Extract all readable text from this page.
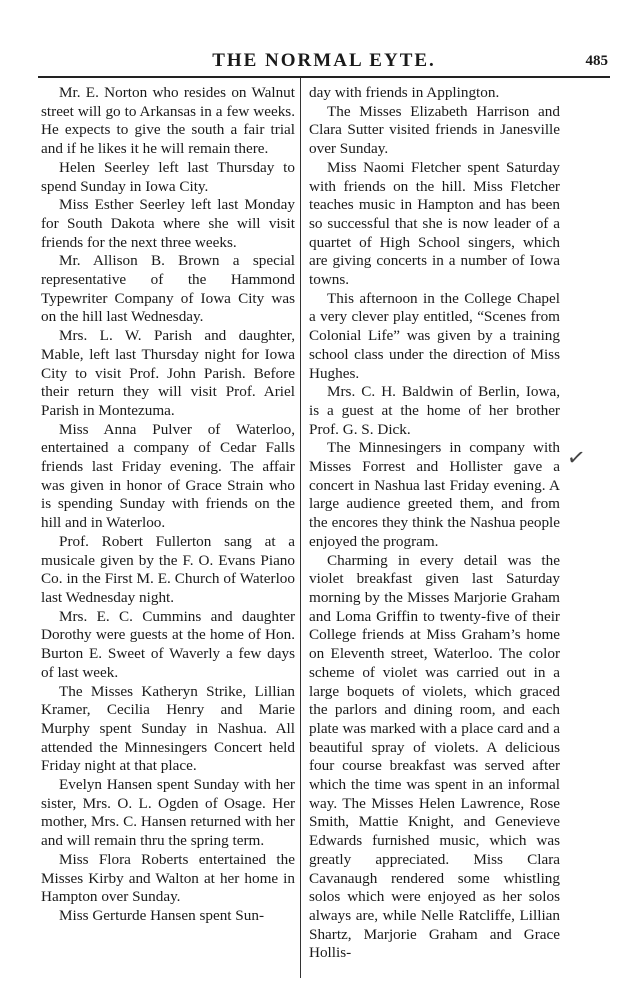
THE NORMAL EYTE.	485

Mr. E. Norton who resides on Walnut street will go to Arkansas in a few weeks. He expects to give the south a fair trial and if he likes it he will remain there.

Helen Seerley left last Thursday to spend Sunday in Iowa City.

Miss Esther Seerley left last Monday for South Dakota where she will visit friends for the next three weeks.

Mr. Allison B. Brown a special representative of the Hammond Typewriter Company of Iowa City was on the hill last Wednesday.

Mrs. L. W. Parish and daughter, Mable, left last Thursday night for Iowa City to visit Prof. John Parish. Before their return they will visit Prof. Ariel Parish in Montezuma.

Miss Anna Pulver of Waterloo, entertained a company of Cedar Falls friends last Friday evening. The affair was given in honor of Grace Strain who is spending Sunday with friends on the hill and in Waterloo.

Prof. Robert Fullerton sang at a musicale given by the F. O. Evans Piano Co. in the First M. E. Church of Waterloo last Wednesday night.

Mrs. E. C. Cummins and daughter Dorothy were guests at the home of Hon. Burton E. Sweet of Waverly a few days of last week.

The Misses Katheryn Strike, Lillian Kramer, Cecilia Henry and Marie Murphy spent Sunday in Nashua. All attended the Minnesingers Concert held Friday night at that place.

Evelyn Hansen spent Sunday with her sister, Mrs. O. L. Ogden of Osage. Her mother, Mrs. C. Hansen returned with her and will remain thru the spring term.

Miss Flora Roberts entertained the Misses Kirby and Walton at her home in Hampton over Sunday.

Miss Gerturde Hansen spent Sun-

day with friends in Applington.

The Misses Elizabeth Harrison and Clara Sutter visited friends in Janesville over Sunday.

Miss Naomi Fletcher spent Saturday with friends on the hill. Miss Fletcher teaches music in Hampton and has been so successful that she is now leader of a quartet of High School singers, which are giving concerts in a number of Iowa towns.

This afternoon in the College Chapel a very clever play entitled, “Scenes from Colonial Life” was given by a training school class under the direction of Miss Hughes.

Mrs. C. H. Baldwin of Berlin, Iowa, is a guest at the home of her brother Prof. G. S. Dick.

The Minnesingers in company with Misses Forrest and Hollister gave a concert in Nashua last Friday evening. A large audience greeted them, and from the encores they think the Nashua people enjoyed the program.

Charming in every detail was the violet breakfast given last Saturday morning by the Misses Marjorie Graham and Loma Griffin to twenty-five of their College friends at Miss Graham’s home on Eleventh street, Waterloo. The color scheme of violet was carried out in a large boquets of violets, which graced the parlors and dining room, and each plate was marked with a place card and a beautiful spray of violets. A delicious four course breakfast was served after which the time was spent in an informal way. The Misses Helen Lawrence, Rose Smith, Mattie Knight, and Genevieve Edwards furnished music, which was greatly appreciated. Miss Clara Cavanaugh rendered some whistling solos which were enjoyed as her solos always are, while Nelle Ratcliffe, Lillian Shartz, Marjorie Graham and Grace Hollis-

✓
